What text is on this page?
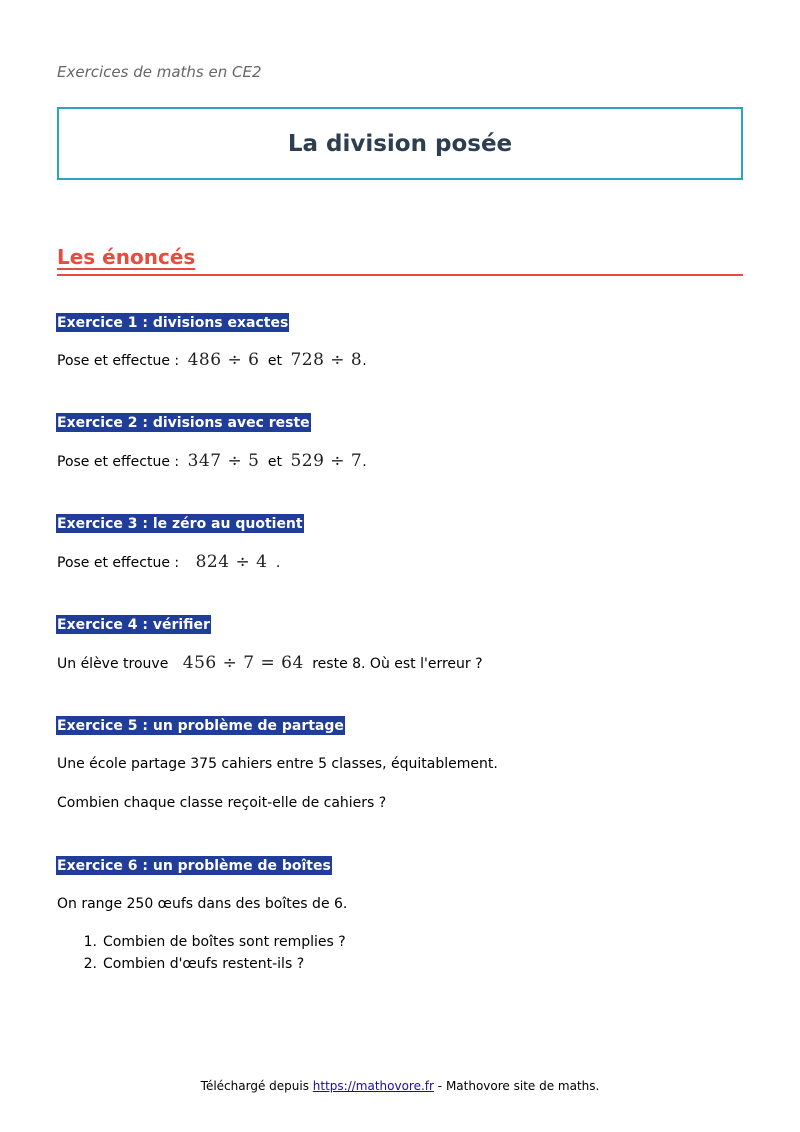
Exercices de maths en CE2
La division posée
Les énoncés
Exercice 1 : divisions exactes
Pose et effectue : 486 ÷ 6 et 728 ÷ 8.
Exercice 2 : divisions avec reste
Pose et effectue : 347 ÷ 5 et 529 ÷ 7.
Exercice 3 : le zéro au quotient
Pose et effectue : 824 ÷ 4 .
Exercice 4 : vérifier
Un élève trouve 456 ÷ 7 = 64 reste 8. Où est l'erreur ?
Exercice 5 : un problème de partage
Une école partage 375 cahiers entre 5 classes, équitablement.
Combien chaque classe reçoit-elle de cahiers ?
Exercice 6 : un problème de boîtes
On range 250 œufs dans des boîtes de 6.
1. Combien de boîtes sont remplies ?
2. Combien d'œufs restent-ils ?
Téléchargé depuis https://mathovore.fr - Mathovore site de maths.
